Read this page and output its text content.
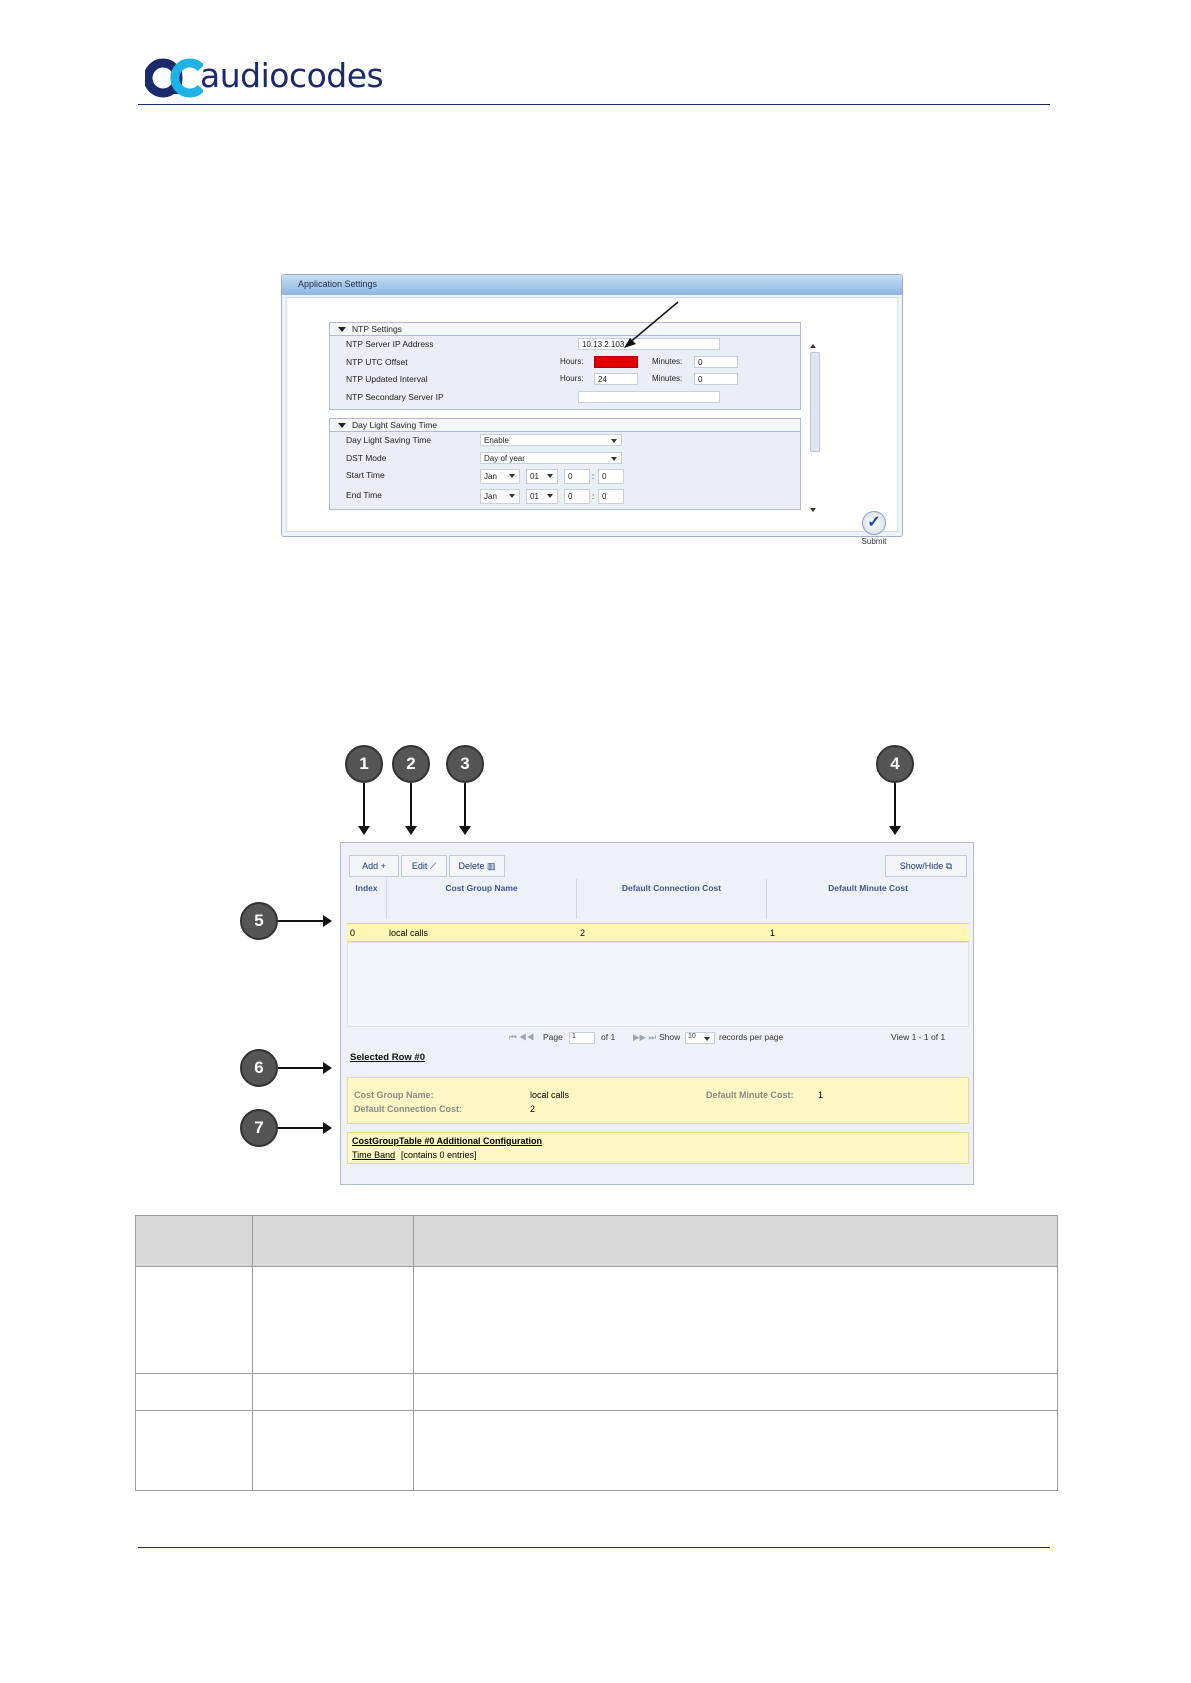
audiocodes
Application Settings
NTP Settings
NTP Server IP Address	10.13.2.103
NTP UTC Offset	Hours:	Minutes:	0
NTP Updated Interval	Hours:	24	Minutes:	0
NTP Secondary Server IP
Day Light Saving Time
Day Light Saving Time	Enable
DST Mode	Day of year
Start Time	Jan	01	0	: 0
End Time	Jan	01	0	: 0
✓
Submit
Add +	Edit ⟋	Delete ▥	Show/Hide ⧉
Index	Cost Group Name	Default Connection Cost	Default Minute Cost
0	local calls	2	1
⏮ ◀◀ Page	1	of 1 ▶▶ ⏭ Show	10	records per page	View 1 - 1 of 1
Selected Row #0
Cost Group Name:	local calls
Default Connection Cost:	2
Default Minute Cost:	1
CostGroupTable #0 Additional Configuration
Time Band [contains 0 entries]
1	2	3	4
5
6
7
